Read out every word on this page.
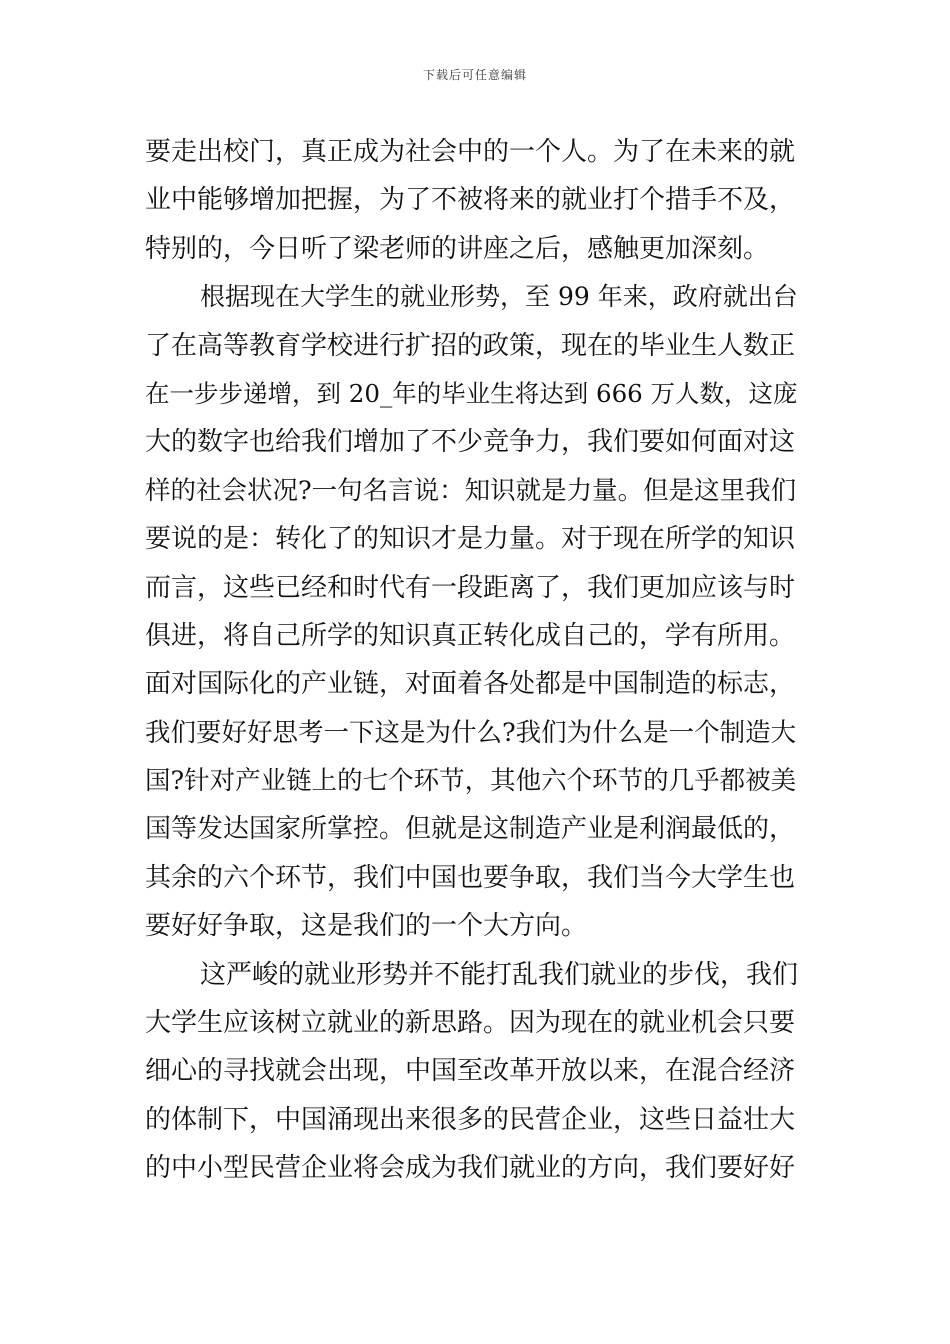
下载后可任意编辑
要走出校门，真正成为社会中的一个人。为了在未来的就
业中能够增加把握，为了不被将来的就业打个措手不及，
特别的，今日听了梁老师的讲座之后，感触更加深刻。
根据现在大学生的就业形势，至 99 年来，政府就出台
了在高等教育学校进行扩招的政策，现在的毕业生人数正
在一步步递增，到 20_年的毕业生将达到 666 万人数，这庞
大的数字也给我们增加了不少竞争力，我们要如何面对这
样的社会状况?一句名言说：知识就是力量。但是这里我们
要说的是：转化了的知识才是力量。对于现在所学的知识
而言，这些已经和时代有一段距离了，我们更加应该与时
俱进，将自己所学的知识真正转化成自己的，学有所用。
面对国际化的产业链，对面着各处都是中国制造的标志，
我们要好好思考一下这是为什么?我们为什么是一个制造大
国?针对产业链上的七个环节，其他六个环节的几乎都被美
国等发达国家所掌控。但就是这制造产业是利润最低的，
其余的六个环节，我们中国也要争取，我们当今大学生也
要好好争取，这是我们的一个大方向。
这严峻的就业形势并不能打乱我们就业的步伐，我们
大学生应该树立就业的新思路。因为现在的就业机会只要
细心的寻找就会出现，中国至改革开放以来，在混合经济
的体制下，中国涌现出来很多的民营企业，这些日益壮大
的中小型民营企业将会成为我们就业的方向，我们要好好
